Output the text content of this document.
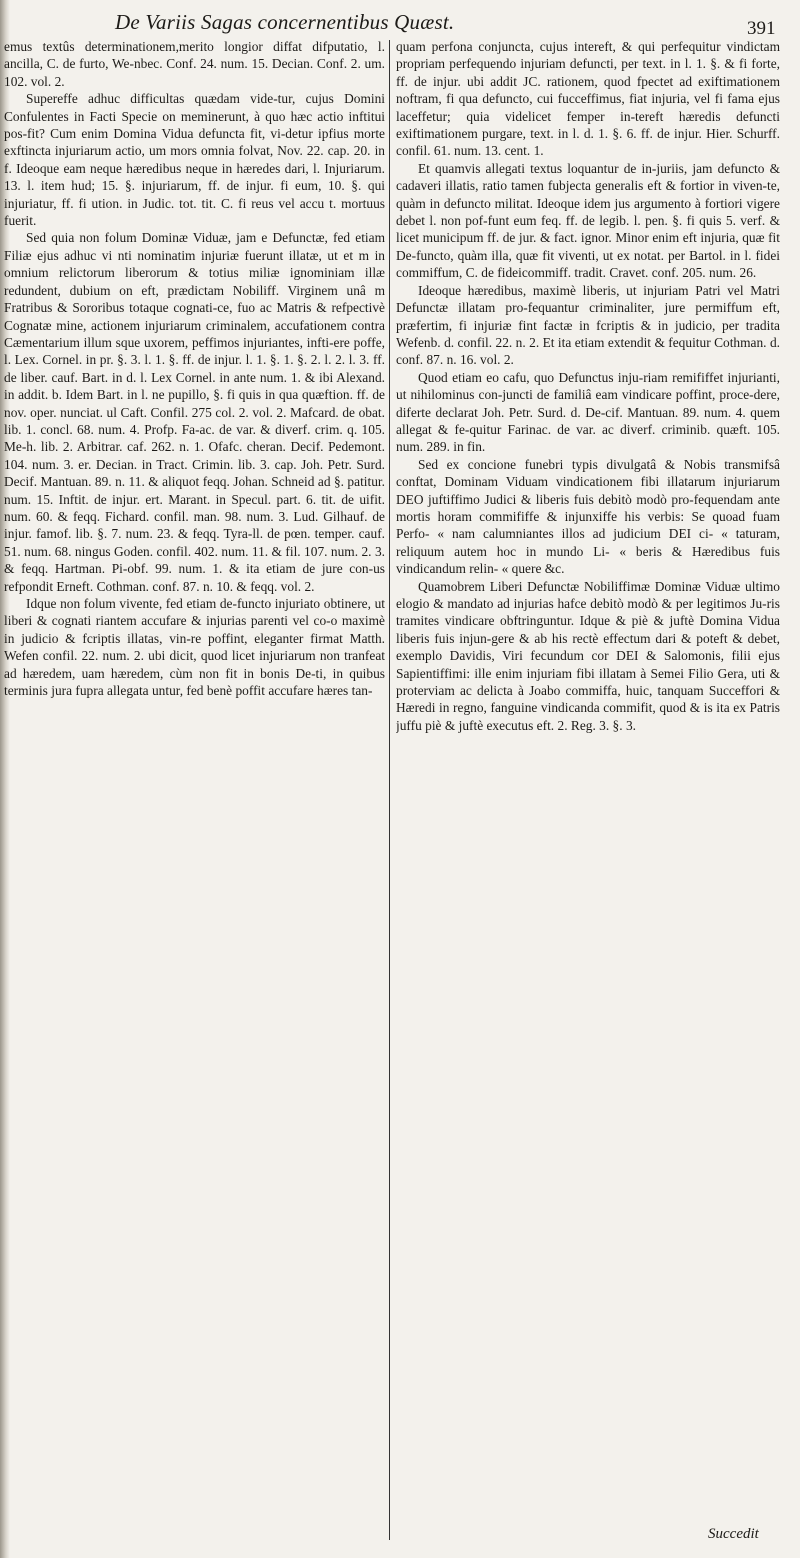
De Variis Sagas concernentibus Quæst.	391

emus textûs determinationem,merito longior diffat difputatio, l. ancilla, C. de furto, We-nbec. Conf. 24. num. 15. Decian. Conf. 2. um. 102. vol. 2.

Supereffe adhuc difficultas quædam vide-tur, cujus Domini Confulentes in Facti Specie on meminerunt, à quo hæc actio inftitui pos-fit? Cum enim Domina Vidua defuncta fit, vi-detur ipfius morte exftincta injuriarum actio, um mors omnia folvat, Nov. 22. cap. 20. in f. Ideoque eam neque hæredibus neque in hæredes dari, l. Injuriarum. 13. l. item hud; 15. §. injuriarum, ff. de injur. fi eum, 10. §. qui injuriatur, ff. fi ution. in Judic. tot. tit. C. fi reus vel accu t. mortuus fuerit.

Sed quia non folum Dominæ Viduæ, jam e Defunctæ, fed etiam Filiæ ejus adhuc vi nti nominatim injuriæ fuerunt illatæ, ut et m in omnium relictorum liberorum & totius miliæ ignominiam illæ redundent, dubium on eft, prædictam Nobiliff. Virginem unâ m Fratribus & Sororibus totaque cognati-ce, fuo ac Matris & refpectivè Cognatæ mine, actionem injuriarum criminalem, accufationem contra Cæmentarium illum sque uxorem, peffimos injuriantes, infti-ere poffe, l. Lex. Cornel. in pr. §. 3. l. 1. §. ff. de injur. l. 1. §. 1. §. 2. l. 2. l. 3. ff. de liber. cauf. Bart. in d. l. Lex Cornel. in ante num. 1. & ibi Alexand. in addit. b. Idem Bart. in l. ne pupillo, §. fi quis in qua quæftion. ff. de nov. oper. nunciat. ul Caft. Confil. 275 col. 2. vol. 2. Mafcard. de obat. lib. 1. concl. 68. num. 4. Profp. Fa-ac. de var. & diverf. crim. q. 105. Me-h. lib. 2. Arbitrar. caf. 262. n. 1. Ofafc. cheran. Decif. Pedemont. 104. num. 3. er. Decian. in Tract. Crimin. lib. 3. cap. Joh. Petr. Surd. Decif. Mantuan. 89. n. 11. & aliquot feqq. Johan. Schneid ad §. patitur. num. 15. Inftit. de injur. ert. Marant. in Specul. part. 6. tit. de uifit. num. 60. & feqq. Fichard. confil. man. 98. num. 3. Lud. Gilhauf. de injur. famof. lib. §. 7. num. 23. & feqq. Tyra-ll. de pœn. temper. cauf. 51. num. 68. ningus Goden. confil. 402. num. 11. & fil. 107. num. 2. 3. & feqq. Hartman. Pi-obf. 99. num. 1. & ita etiam de jure con-us refpondit Erneft. Cothman. conf. 87. n. 10. & feqq. vol. 2.

Idque non folum vivente, fed etiam de-functo injuriato obtinere, ut liberi & cognati riantem accufare & injurias parenti vel co-o maximè in judicio & fcriptis illatas, vin-re poffint, eleganter firmat Matth. Wefen confil. 22. num. 2. ubi dicit, quod licet injuriarum non tranfeat ad hæredem, uam hæredem, cùm non fit in bonis De-ti, in quibus terminis jura fupra allegata untur, fed benè poffit accufare hæres tan-

quam perfona conjuncta, cujus intereft, & qui perfequitur vindictam propriam perfequendo injuriam defuncti, per text. in l. 1. §. & fi forte, ff. de injur. ubi addit JC. rationem, quod fpectet ad exiftimationem noftram, fi qua defuncto, cui fucceffimus, fiat injuria, vel fi fama ejus laceffetur; quia videlicet femper in-tereft hæredis defuncti exiftimationem purgare, text. in l. d. 1. §. 6. ff. de injur. Hier. Schurff. confil. 61. num. 13. cent. 1.

Et quamvis allegati textus loquantur de in-juriis, jam defuncto & cadaveri illatis, ratio tamen fubjecta generalis eft & fortior in viven-te, quàm in defuncto militat. Ideoque idem jus argumento à fortiori vigere debet l. non pof-funt eum feq. ff. de legib. l. pen. §. fi quis 5. verf. & licet municipum ff. de jur. & fact. ignor. Minor enim eft injuria, quæ fit De-functo, quàm illa, quæ fit viventi, ut ex notat. per Bartol. in l. fidei commiffum, C. de fideicommiff. tradit. Cravet. conf. 205. num. 26.

Ideoque hæredibus, maximè liberis, ut injuriam Patri vel Matri Defunctæ illatam pro-fequantur criminaliter, jure permiffum eft, præfertim, fi injuriæ fint factæ in fcriptis & in judicio, per tradita Wefenb. d. confil. 22. n. 2. Et ita etiam extendit & fequitur Cothman. d. conf. 87. n. 16. vol. 2.

Quod etiam eo cafu, quo Defunctus inju-riam remififfet injurianti, ut nihilominus con-juncti de familiâ eam vindicare poffint, proce-dere, diferte declarat Joh. Petr. Surd. d. De-cif. Mantuan. 89. num. 4. quem allegat & fe-quitur Farinac. de var. ac diverf. criminib. quæft. 105. num. 289. in fin.

Sed ex concione funebri typis divulgatâ & Nobis transmifsâ conftat, Dominam Viduam vindicationem fibi illatarum injuriarum DEO juftiffimo Judici & liberis fuis debitò modò pro-fequendam ante mortis horam commififfe & injunxiffe his verbis: Se quoad fuam Perfo- « nam calumniantes illos ad judicium DEI ci- « taturam, reliquum autem hoc in mundo Li- « beris & Hæredibus fuis vindicandum relin- « quere &c.

Quamobrem Liberi Defunctæ Nobiliffimæ Dominæ Viduæ ultimo elogio & mandato ad injurias hafce debitò modò & per legitimos Ju-ris tramites vindicare obftringuntur. Idque & piè & juftè Domina Vidua liberis fuis injun-gere & ab his rectè effectum dari & poteft & debet, exemplo Davidis, Viri fecundum cor DEI & Salomonis, filii ejus Sapientiffimi: ille enim injuriam fibi illatam à Semei Filio Gera, uti & proterviam ac delicta à Joabo commiffa, huic, tanquam Succeffori & Hæredi in regno, fanguine vindicanda commifit, quod & is ita ex Patris juffu piè & juftè executus eft. 2. Reg. 3. §. 3.

Succedit
